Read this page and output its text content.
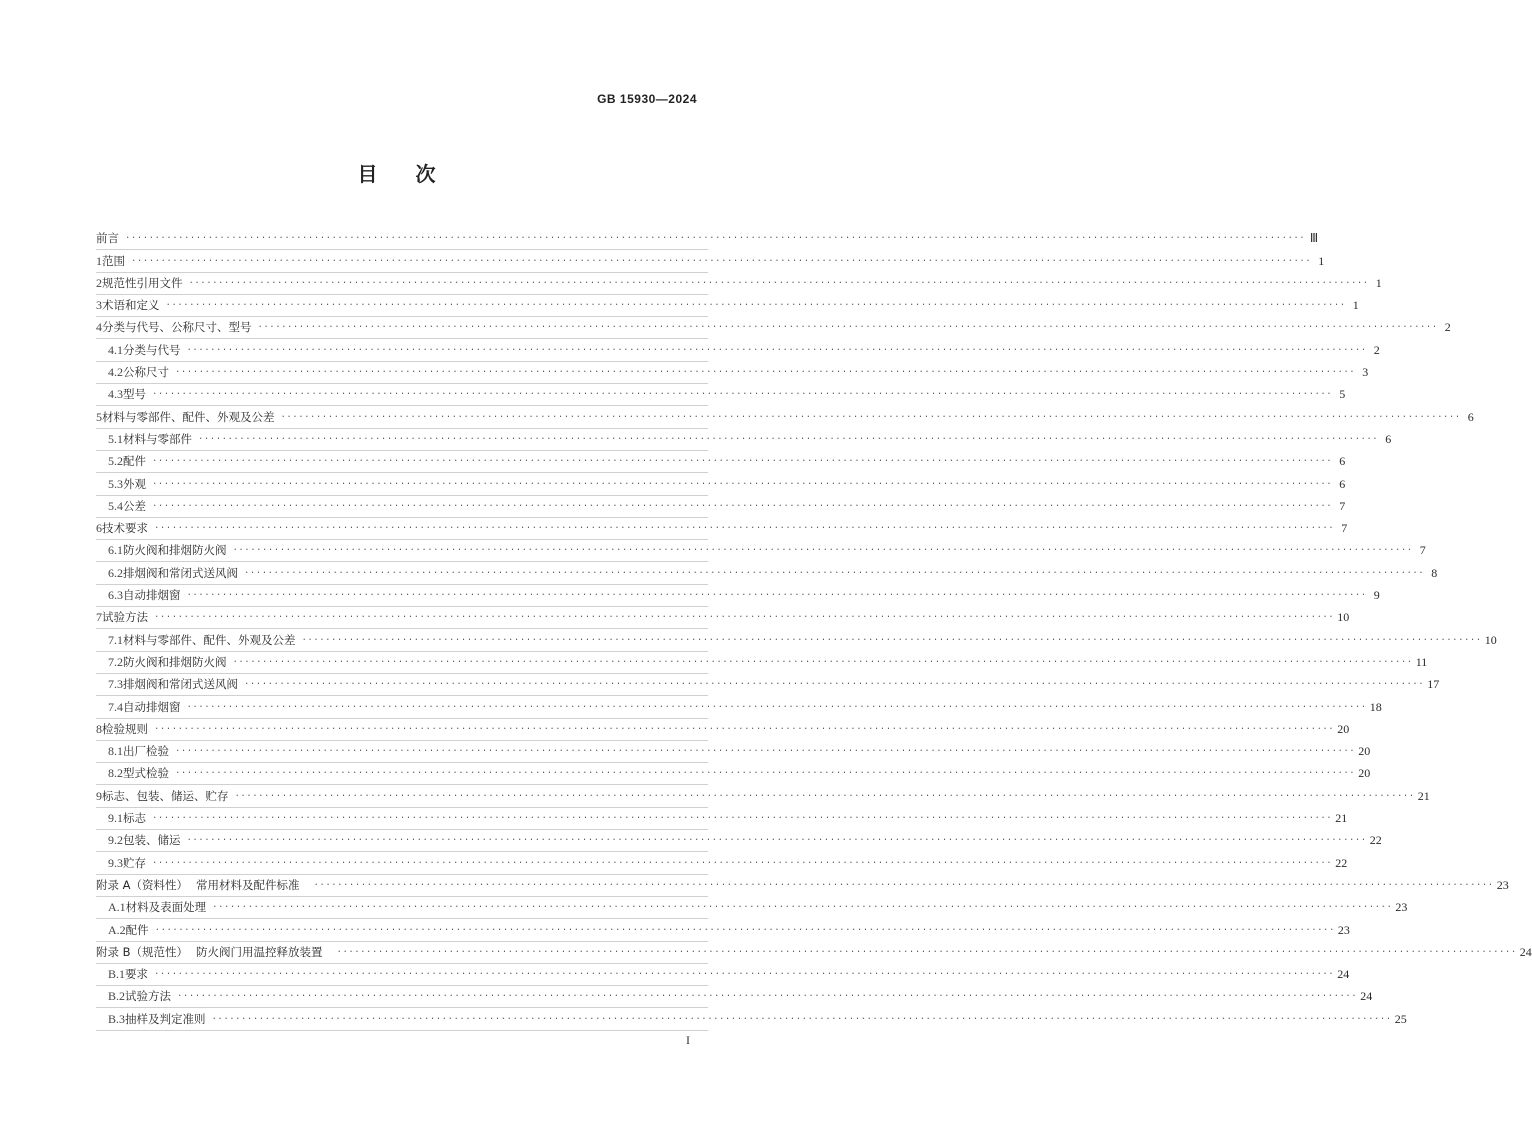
GB 15930—2024
目 次
前言 ········································································································································································································ Ⅲ
1 范围 ········································································································································································································ 1
2 规范性引用文件 ········································································································································································································ 1
3 术语和定义 ········································································································································································································ 1
4 分类与代号、公称尺寸、型号 ········································································································································································································ 2
4.1 分类与代号 ········································································································································································································ 2
4.2 公称尺寸 ········································································································································································································ 3
4.3 型号 ········································································································································································································ 5
5 材料与零部件、配件、外观及公差 ········································································································································································································ 6
5.1 材料与零部件 ········································································································································································································ 6
5.2 配件 ········································································································································································································ 6
5.3 外观 ········································································································································································································ 6
5.4 公差 ········································································································································································································ 7
6 技术要求 ········································································································································································································ 7
6.1 防火阀和排烟防火阀 ········································································································································································································ 7
6.2 排烟阀和常闭式送风阀 ········································································································································································································ 8
6.3 自动排烟窗 ········································································································································································································ 9
7 试验方法 ········································································································································································································ 10
7.1 材料与零部件、配件、外观及公差 ········································································································································································································ 10
7.2 防火阀和排烟防火阀 ········································································································································································································ 11
7.3 排烟阀和常闭式送风阀 ········································································································································································································ 17
7.4 自动排烟窗 ········································································································································································································ 18
8 检验规则 ········································································································································································································ 20
8.1 出厂检验 ········································································································································································································ 20
8.2 型式检验 ········································································································································································································ 20
9 标志、包装、储运、贮存 ········································································································································································································ 21
9.1 标志 ········································································································································································································ 21
9.2 包装、储运 ········································································································································································································ 22
9.3 贮存 ········································································································································································································ 22
附录 A（资料性） 常用材料及配件标准 ········································································································································································································ 23
A.1 材料及表面处理 ········································································································································································································ 23
A.2 配件 ········································································································································································································ 23
附录 B（规范性） 防火阀门用温控释放装置 ········································································································································································································ 24
B.1 要求 ········································································································································································································ 24
B.2 试验方法 ········································································································································································································ 24
B.3 抽样及判定准则 ········································································································································································································ 25
I
